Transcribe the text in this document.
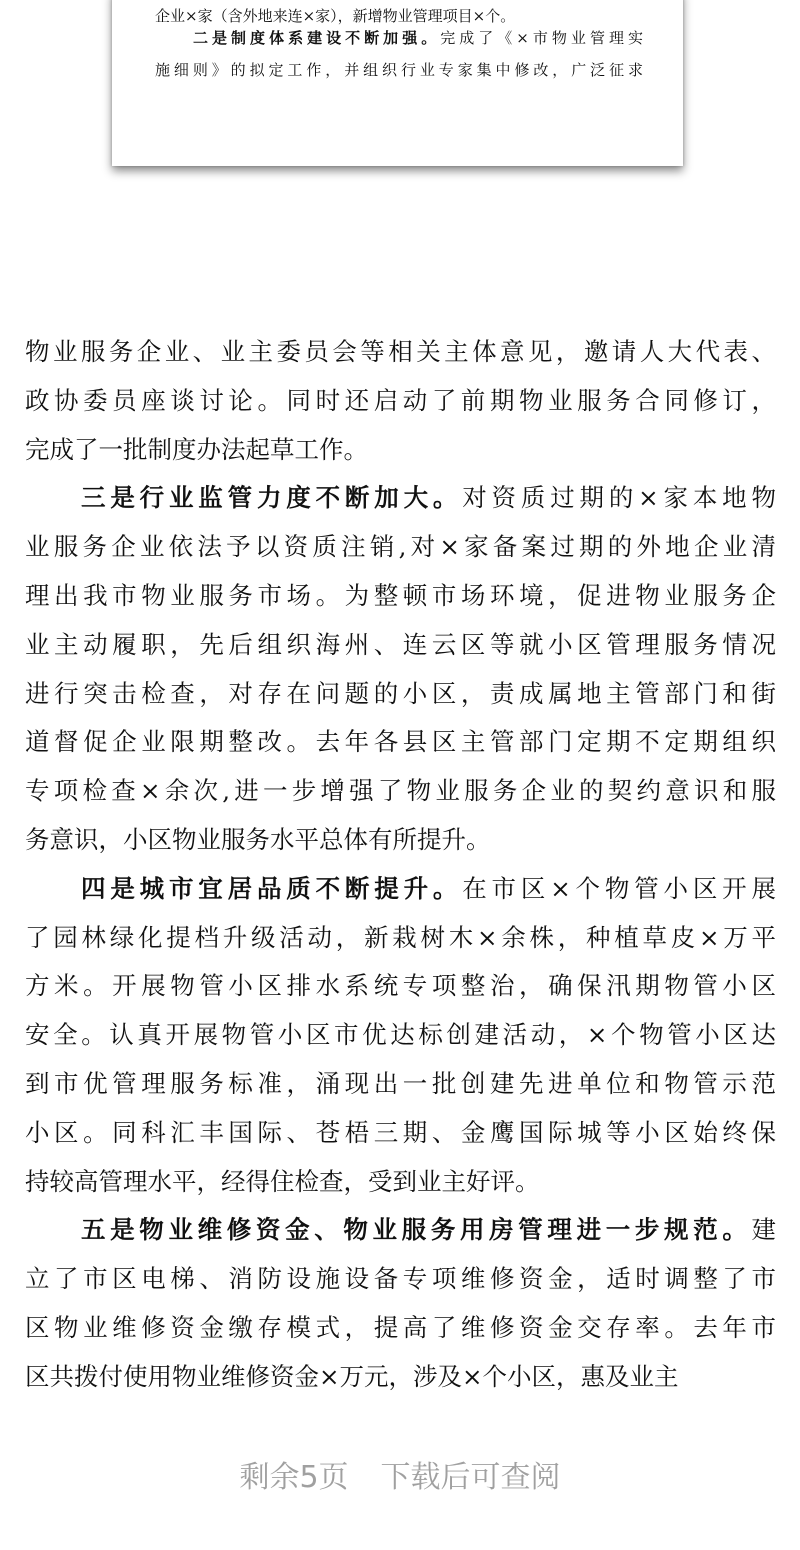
企业×家（含外地来连×家），新增物业管理项目×个。
二是制度体系建设不断加强。完成了《×市物业管理实
施细则》的拟定工作，并组织行业专家集中修改，广泛征求
物业服务企业、业主委员会等相关主体意见，邀请人大代表、
政协委员座谈讨论。同时还启动了前期物业服务合同修订，
完成了一批制度办法起草工作。
三是行业监管力度不断加大。对资质过期的×家本地物
业服务企业依法予以资质注销,对×家备案过期的外地企业清
理出我市物业服务市场。为整顿市场环境，促进物业服务企
业主动履职，先后组织海州、连云区等就小区管理服务情况
进行突击检查，对存在问题的小区，责成属地主管部门和街
道督促企业限期整改。去年各县区主管部门定期不定期组织
专项检查×余次,进一步增强了物业服务企业的契约意识和服
务意识，小区物业服务水平总体有所提升。
四是城市宜居品质不断提升。在市区×个物管小区开展
了园林绿化提档升级活动，新栽树木×余株，种植草皮×万平
方米。开展物管小区排水系统专项整治，确保汛期物管小区
安全。认真开展物管小区市优达标创建活动，×个物管小区达
到市优管理服务标准，涌现出一批创建先进单位和物管示范
小区。同科汇丰国际、苍梧三期、金鹰国际城等小区始终保
持较高管理水平，经得住检查，受到业主好评。
五是物业维修资金、物业服务用房管理进一步规范。建
立了市区电梯、消防设施设备专项维修资金，适时调整了市
区物业维修资金缴存模式，提高了维修资金交存率。去年市
区共拨付使用物业维修资金×万元，涉及×个小区，惠及业主
剩余5页 下载后可查阅
